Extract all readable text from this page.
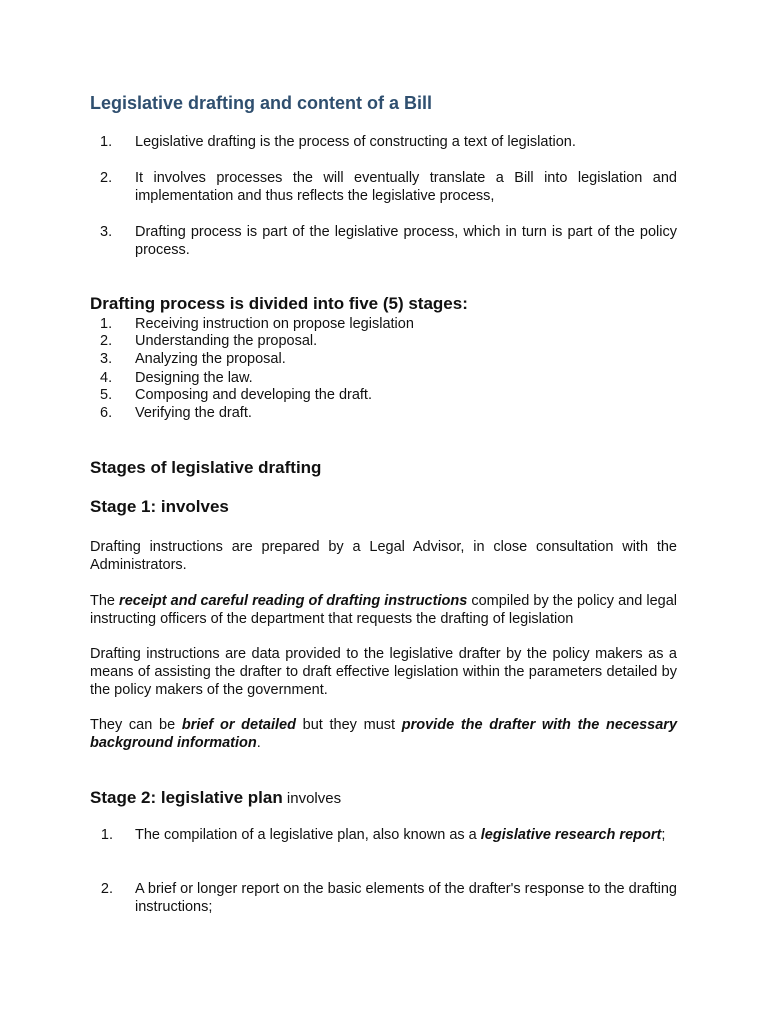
Legislative drafting and content of a Bill
1. Legislative drafting is the process of constructing a text of legislation.
2. It involves processes the will eventually translate a Bill into legislation and implementation and thus reflects the legislative process,
3. Drafting process is part of the legislative process, which in turn is part of the policy process.
Drafting process is divided into five (5) stages:
1. Receiving instruction on propose legislation
2. Understanding the proposal.
3. Analyzing the proposal.
4. Designing the law.
5. Composing and developing the draft.
6. Verifying the draft.
Stages of legislative drafting
Stage 1: involves
Drafting instructions are prepared by a Legal Advisor, in close consultation with the Administrators.
The receipt and careful reading of drafting instructions compiled by the policy and legal instructing officers of the department that requests the drafting of legislation
Drafting instructions are data provided to the legislative drafter by the policy makers as a means of assisting the drafter to draft effective legislation within the parameters detailed by the policy makers of the government.
They can be brief or detailed but they must provide the drafter with the necessary background information.
Stage 2: legislative plan involves
1. The compilation of a legislative plan, also known as a legislative research report;
2. A brief or longer report on the basic elements of the drafter's response to the drafting instructions;
